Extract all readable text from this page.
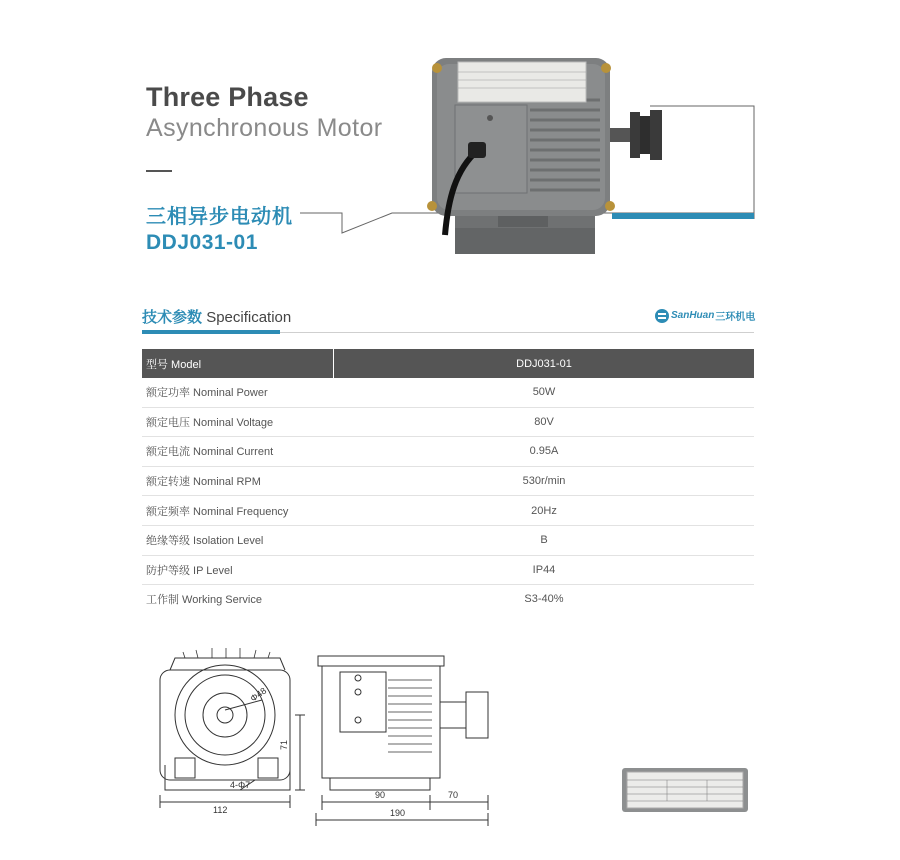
Three Phase
Asynchronous Motor
三相异步电动机
DDJ031-01
技术参数 Specification	SanHuan 三环机电
型号 Model	DDJ031-01
额定功率 Nominal Power	50W
额定电压 Nominal Voltage	80V
额定电流 Nominal Current	0.95A
额定转速 Nominal RPM	530r/min
额定频率 Nominal Frequency	20Hz
绝缘等级 Isolation Level	B
防护等级 IP Level	IP44
工作制 Working Service	S3-40%
Φ48
4-Φ7
112
71
90	70
190
